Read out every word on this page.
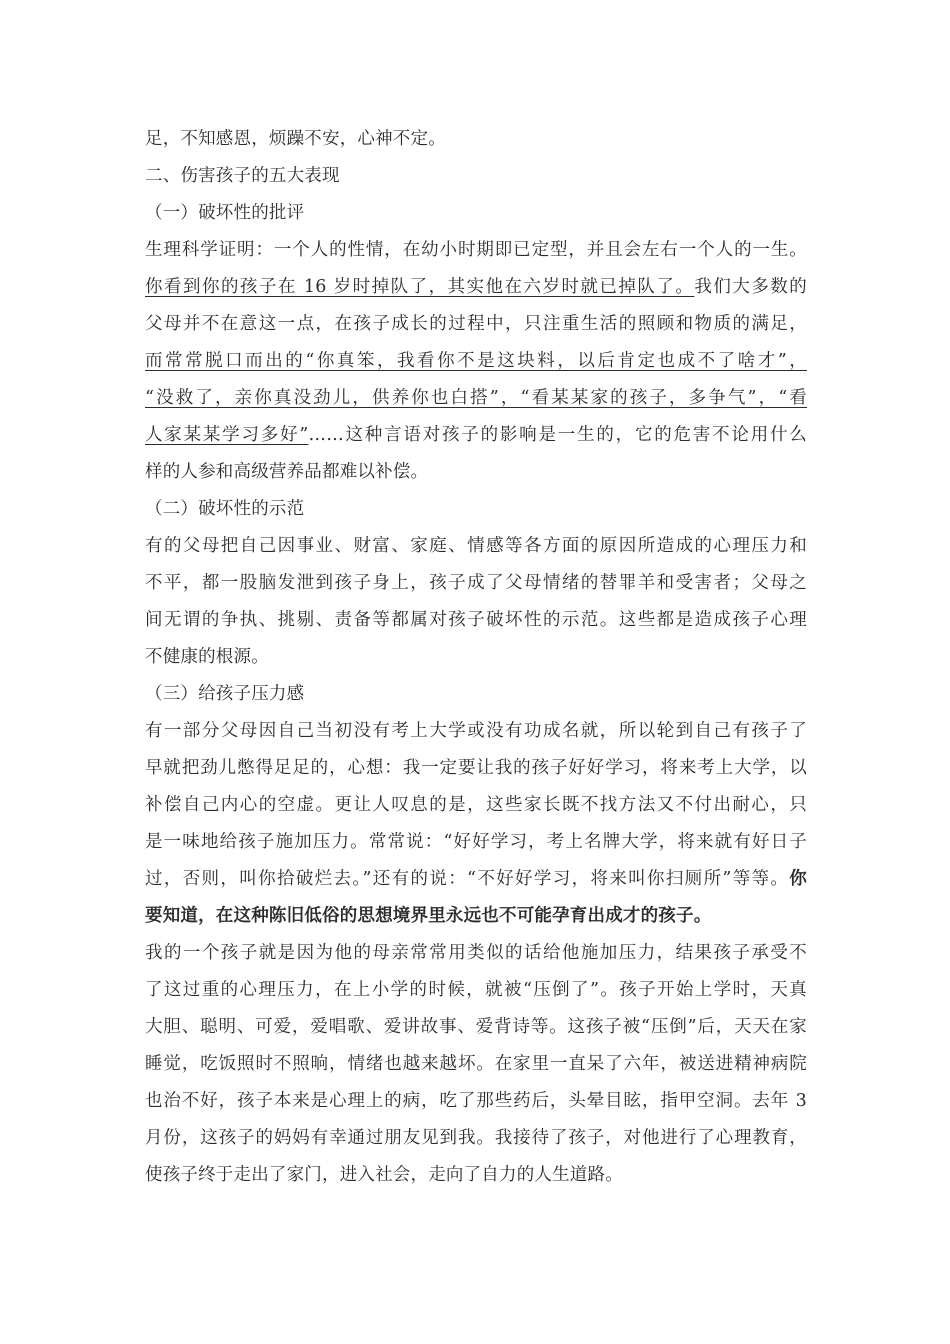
足，不知感恩，烦躁不安，心神不定。
二、伤害孩子的五大表现
（一）破坏性的批评
生理科学证明：一个人的性情，在幼小时期即已定型，并且会左右一个人的一生。
你看到你的孩子在 16 岁时掉队了，其实他在六岁时就已掉队了。我们大多数的
父母并不在意这一点，在孩子成长的过程中，只注重生活的照顾和物质的满足，
而常常脱口而出的“你真笨，我看你不是这块料，以后肯定也成不了啥才”，
“没救了，亲你真没劲儿，供养你也白搭”，“看某某家的孩子，多争气”，“看
人家某某学习多好”……这种言语对孩子的影响是一生的，它的危害不论用什么
样的人参和高级营养品都难以补偿。
（二）破坏性的示范
有的父母把自己因事业、财富、家庭、情感等各方面的原因所造成的心理压力和
不平，都一股脑发泄到孩子身上，孩子成了父母情绪的替罪羊和受害者；父母之
间无谓的争执、挑剔、责备等都属对孩子破坏性的示范。这些都是造成孩子心理
不健康的根源。
（三）给孩子压力感
有一部分父母因自己当初没有考上大学或没有功成名就，所以轮到自己有孩子了
早就把劲儿憋得足足的，心想：我一定要让我的孩子好好学习，将来考上大学，以
补偿自己内心的空虚。更让人叹息的是，这些家长既不找方法又不付出耐心，只
是一味地给孩子施加压力。常常说：“好好学习，考上名牌大学，将来就有好日子
过，否则，叫你拾破烂去。”还有的说：“不好好学习，将来叫你扫厕所”等等。你
要知道，在这种陈旧低俗的思想境界里永远也不可能孕育出成才的孩子。
我的一个孩子就是因为他的母亲常常用类似的话给他施加压力，结果孩子承受不
了这过重的心理压力，在上小学的时候，就被“压倒了”。孩子开始上学时，天真
大胆、聪明、可爱，爱唱歌、爱讲故事、爱背诗等。这孩子被“压倒”后，天天在家
睡觉，吃饭照时不照晌，情绪也越来越坏。在家里一直呆了六年，被送进精神病院
也治不好，孩子本来是心理上的病，吃了那些药后，头晕目眩，指甲空洞。去年 3
月份，这孩子的妈妈有幸通过朋友见到我。我接待了孩子，对他进行了心理教育，
使孩子终于走出了家门，进入社会，走向了自力的人生道路。
